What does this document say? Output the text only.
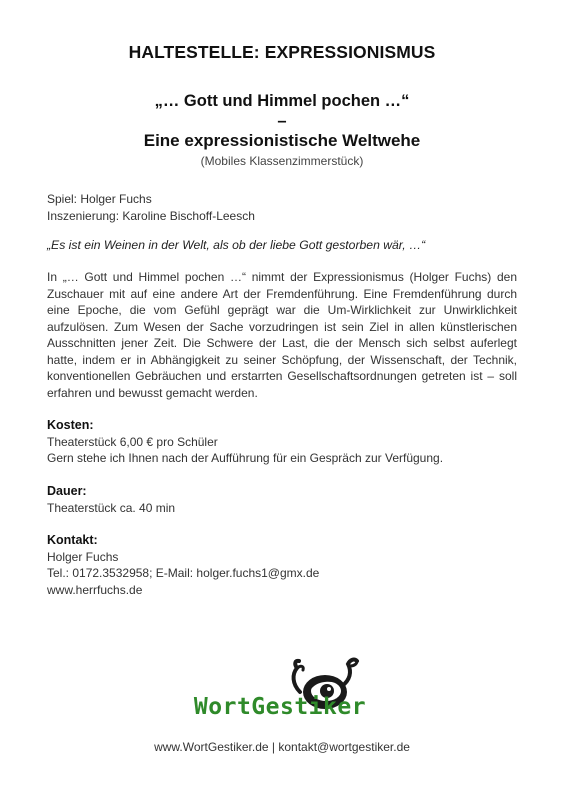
HALTESTELLE: EXPRESSIONISMUS
„… Gott und Himmel pochen …“
–
Eine expressionistische Weltwehe
(Mobiles Klassenzimmerstück)
Spiel: Holger Fuchs
Inszenierung: Karoline Bischoff-Leesch
„Es ist ein Weinen in der Welt, als ob der liebe Gott gestorben wär, …“
In „… Gott und Himmel pochen …“ nimmt der Expressionismus (Holger Fuchs) den Zuschauer mit auf eine andere Art der Fremdenführung. Eine Fremdenführung durch eine Epoche, die vom Gefühl geprägt war die Um-Wirklichkeit zur Unwirklichkeit aufzulösen. Zum Wesen der Sache vorzudringen ist sein Ziel in allen künstlerischen Ausschnitten jener Zeit. Die Schwere der Last, die der Mensch sich selbst auferlegt hatte, indem er in Abhängigkeit zu seiner Schöpfung, der Wissenschaft, der Technik, konventionellen Gebräuchen und erstarrten Gesellschaftsordnungen getreten ist – soll erfahren und bewusst gemacht werden.
Kosten:
Theaterstück 6,00 € pro Schüler
Gern stehe ich Ihnen nach der Aufführung für ein Gespräch zur Verfügung.
Dauer:
Theaterstück ca. 40 min
Kontakt:
Holger Fuchs
Tel.: 0172.3532958; E-Mail: holger.fuchs1@gmx.de
www.herrfuchs.de
WortGestiker
www.WortGestiker.de | kontakt@wortgestiker.de
